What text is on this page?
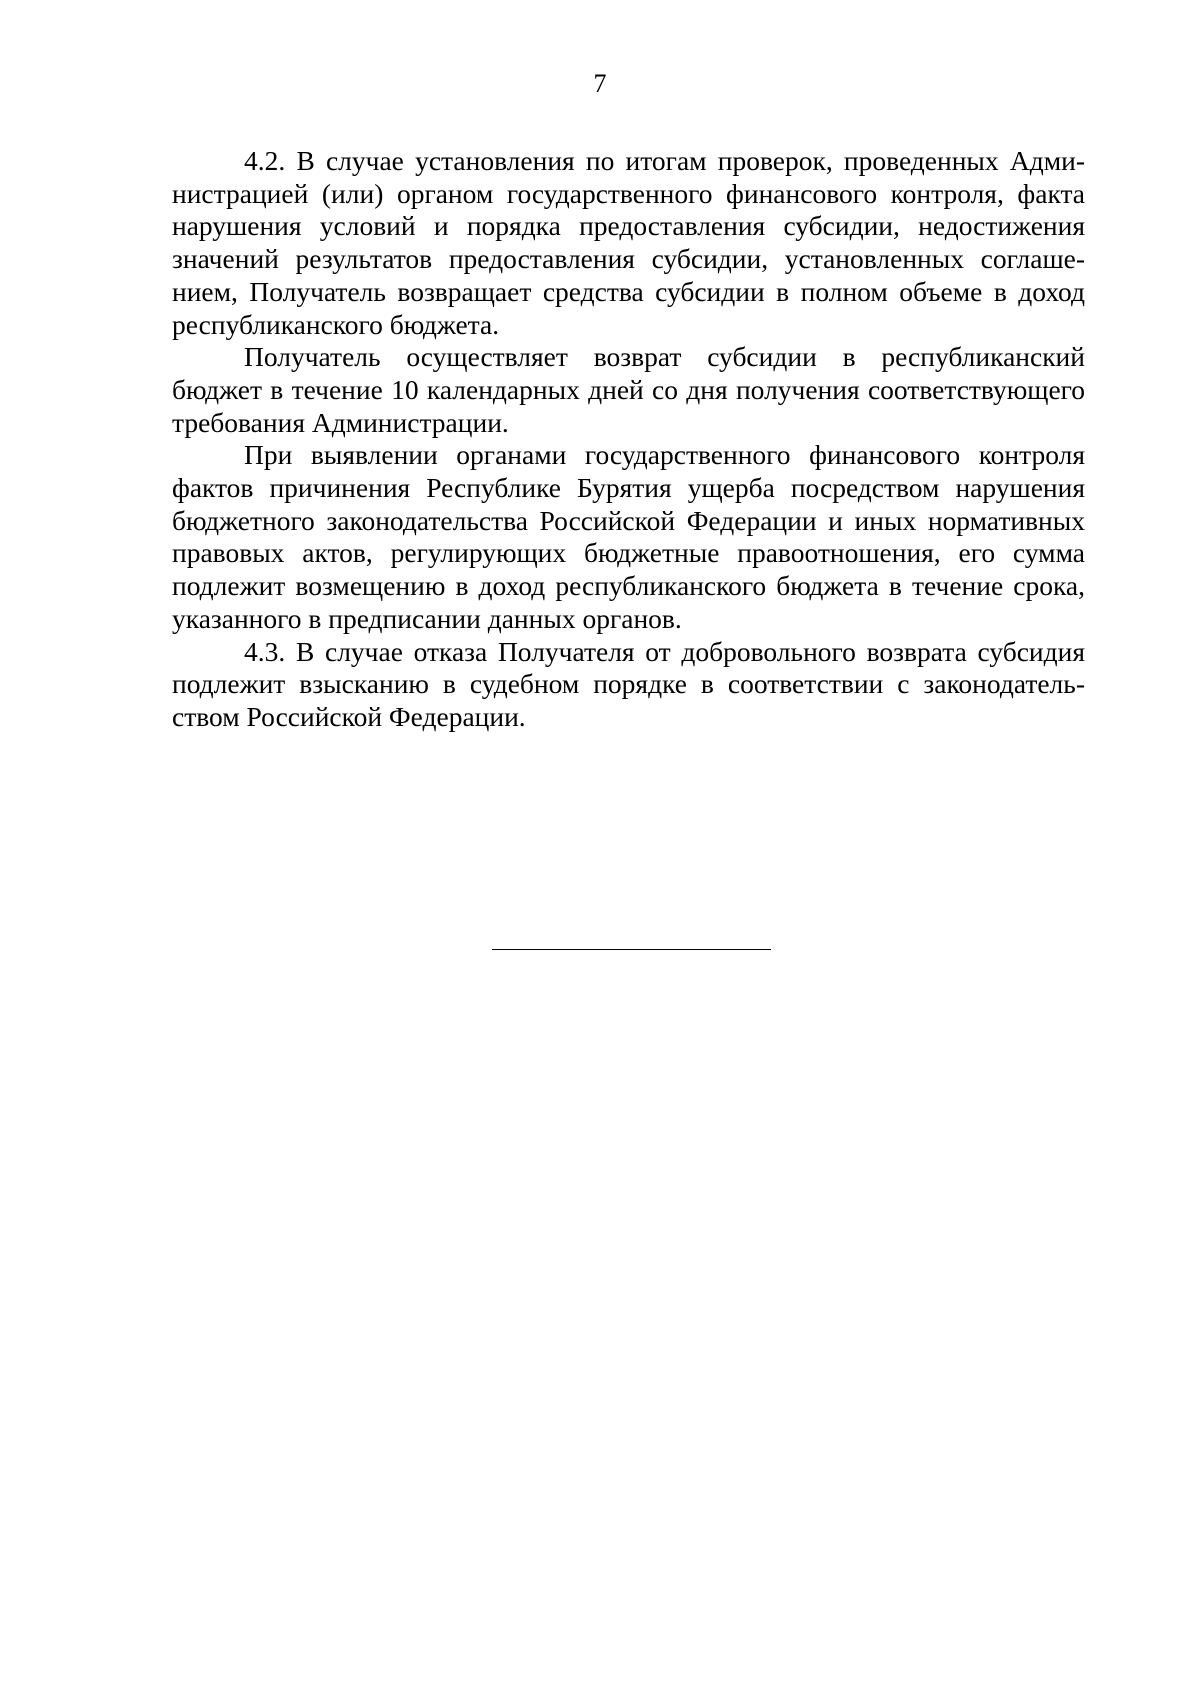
7

4.2. В случае установления по итогам проверок, проведенных Администрацией (или) органом государственного финансового контроля, факта нарушения условий и порядка предоставления субсидии, недостижения значений результатов предоставления субсидии, установленных соглашением, Получатель возвращает средства субсидии в полном объеме в доход республиканского бюджета.

Получатель осуществляет возврат субсидии в республиканский бюджет в течение 10 календарных дней со дня получения соответствующего требования Администрации.

При выявлении органами государственного финансового контроля фактов причинения Республике Бурятия ущерба посредством нарушения бюджетного законодательства Российской Федерации и иных нормативных правовых актов, регулирующих бюджетные правоотношения, его сумма подлежит возмещению в доход республиканского бюджета в течение срока, указанного в предписании данных органов.

4.3. В случае отказа Получателя от добровольного возврата субсидия подлежит взысканию в судебном порядке в соответствии с законодательством Российской Федерации.
